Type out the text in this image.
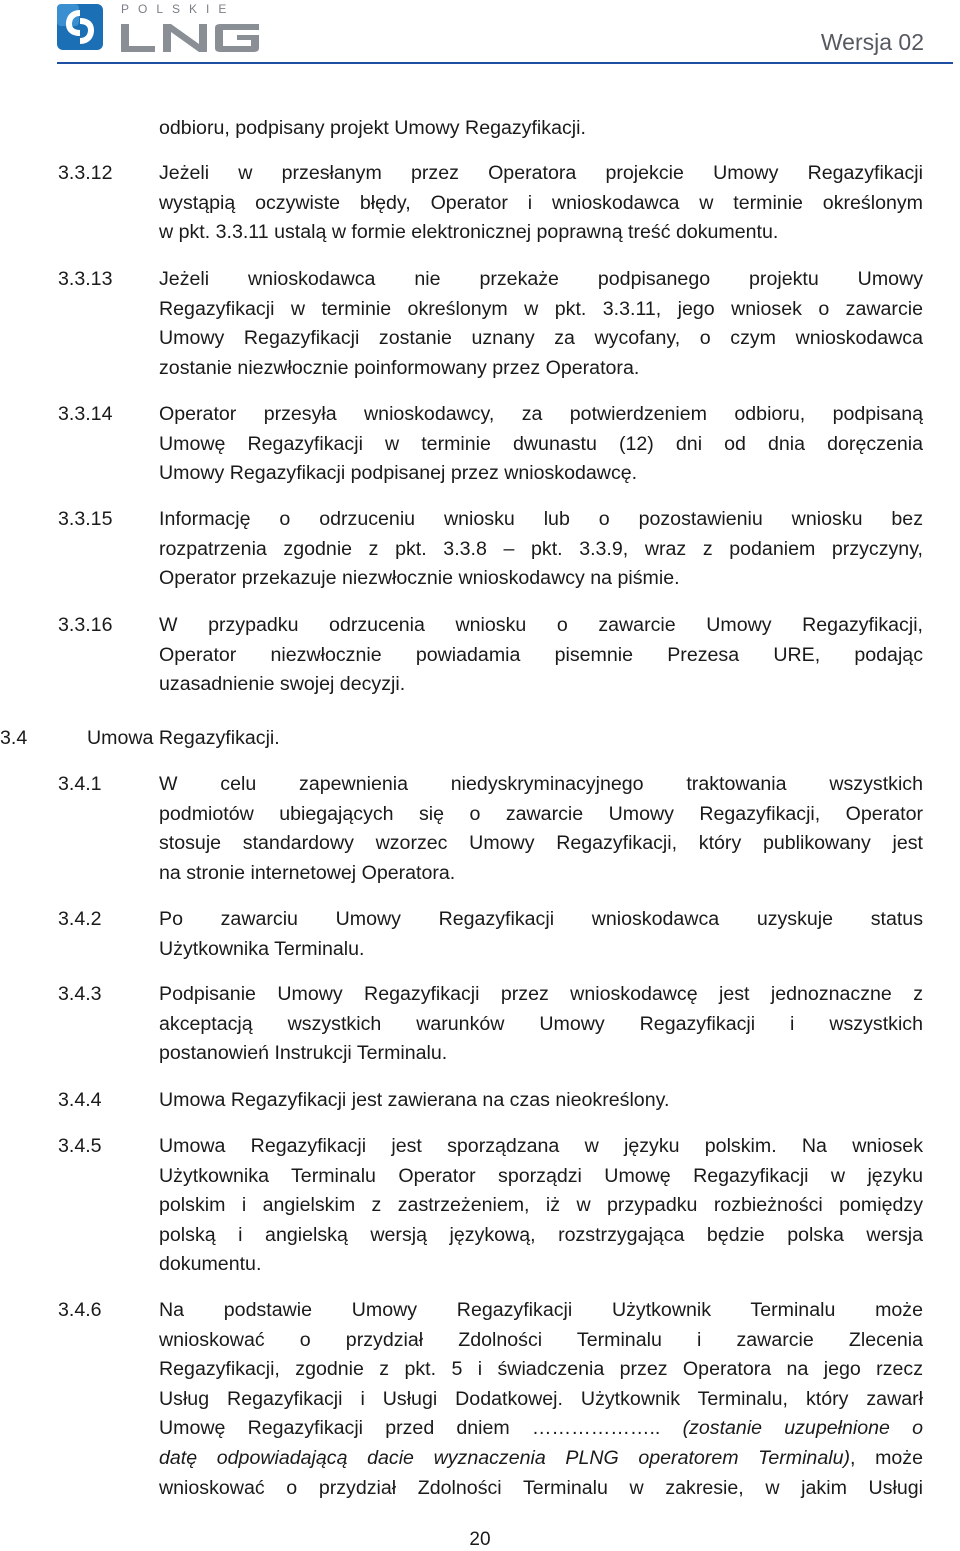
POLSKIE
Wersja 02
odbioru, podpisany projekt Umowy Regazyfikacji.
3.3.12 Jeżeli w przesłanym przez Operatora projekcie Umowy Regazyfikacji
wystąpią oczywiste błędy, Operator i wnioskodawca w terminie określonym
w pkt. 3.3.11 ustalą w formie elektronicznej poprawną treść dokumentu.
3.3.13 Jeżeli wnioskodawca nie przekaże podpisanego projektu Umowy
Regazyfikacji w terminie określonym w pkt. 3.3.11, jego wniosek o zawarcie
Umowy Regazyfikacji zostanie uznany za wycofany, o czym wnioskodawca
zostanie niezwłocznie poinformowany przez Operatora.
3.3.14 Operator przesyła wnioskodawcy, za potwierdzeniem odbioru, podpisaną
Umowę Regazyfikacji w terminie dwunastu (12) dni od dnia doręczenia
Umowy Regazyfikacji podpisanej przez wnioskodawcę.
3.3.15 Informację o odrzuceniu wniosku lub o pozostawieniu wniosku bez
rozpatrzenia zgodnie z pkt. 3.3.8 – pkt. 3.3.9, wraz z podaniem przyczyny,
Operator przekazuje niezwłocznie wnioskodawcy na piśmie.
3.3.16 W przypadku odrzucenia wniosku o zawarcie Umowy Regazyfikacji,
Operator niezwłocznie powiadamia pisemnie Prezesa URE, podając
uzasadnienie swojej decyzji.
3.4	Umowa Regazyfikacji.
3.4.1	W celu zapewnienia niedyskryminacyjnego traktowania wszystkich
podmiotów ubiegających się o zawarcie Umowy Regazyfikacji, Operator
stosuje standardowy wzorzec Umowy Regazyfikacji, który publikowany jest
na stronie internetowej Operatora.
3.4.2	Po zawarciu Umowy Regazyfikacji wnioskodawca uzyskuje status
Użytkownika Terminalu.
3.4.3	Podpisanie Umowy Regazyfikacji przez wnioskodawcę jest jednoznaczne z
akceptacją wszystkich warunków Umowy Regazyfikacji i wszystkich
postanowień Instrukcji Terminalu.
3.4.4	Umowa Regazyfikacji jest zawierana na czas nieokreślony.
3.4.5	Umowa Regazyfikacji jest sporządzana w języku polskim. Na wniosek
Użytkownika Terminalu Operator sporządzi Umowę Regazyfikacji w języku
polskim i angielskim z zastrzeżeniem, iż w przypadku rozbieżności pomiędzy
polską i angielską wersją językową, rozstrzygająca będzie polska wersja
dokumentu.
3.4.6	Na podstawie Umowy Regazyfikacji Użytkownik Terminalu może
wnioskować o przydział Zdolności Terminalu i zawarcie Zlecenia
Regazyfikacji, zgodnie z pkt. 5 i świadczenia przez Operatora na jego rzecz
Usług Regazyfikacji i Usługi Dodatkowej. Użytkownik Terminalu, który zawarł
Umowę Regazyfikacji przed dniem ……………….. (zostanie uzupełnione o
datę odpowiadającą dacie wyznaczenia PLNG operatorem Terminalu), może
wnioskować o przydział Zdolności Terminalu w zakresie, w jakim Usługi
20
